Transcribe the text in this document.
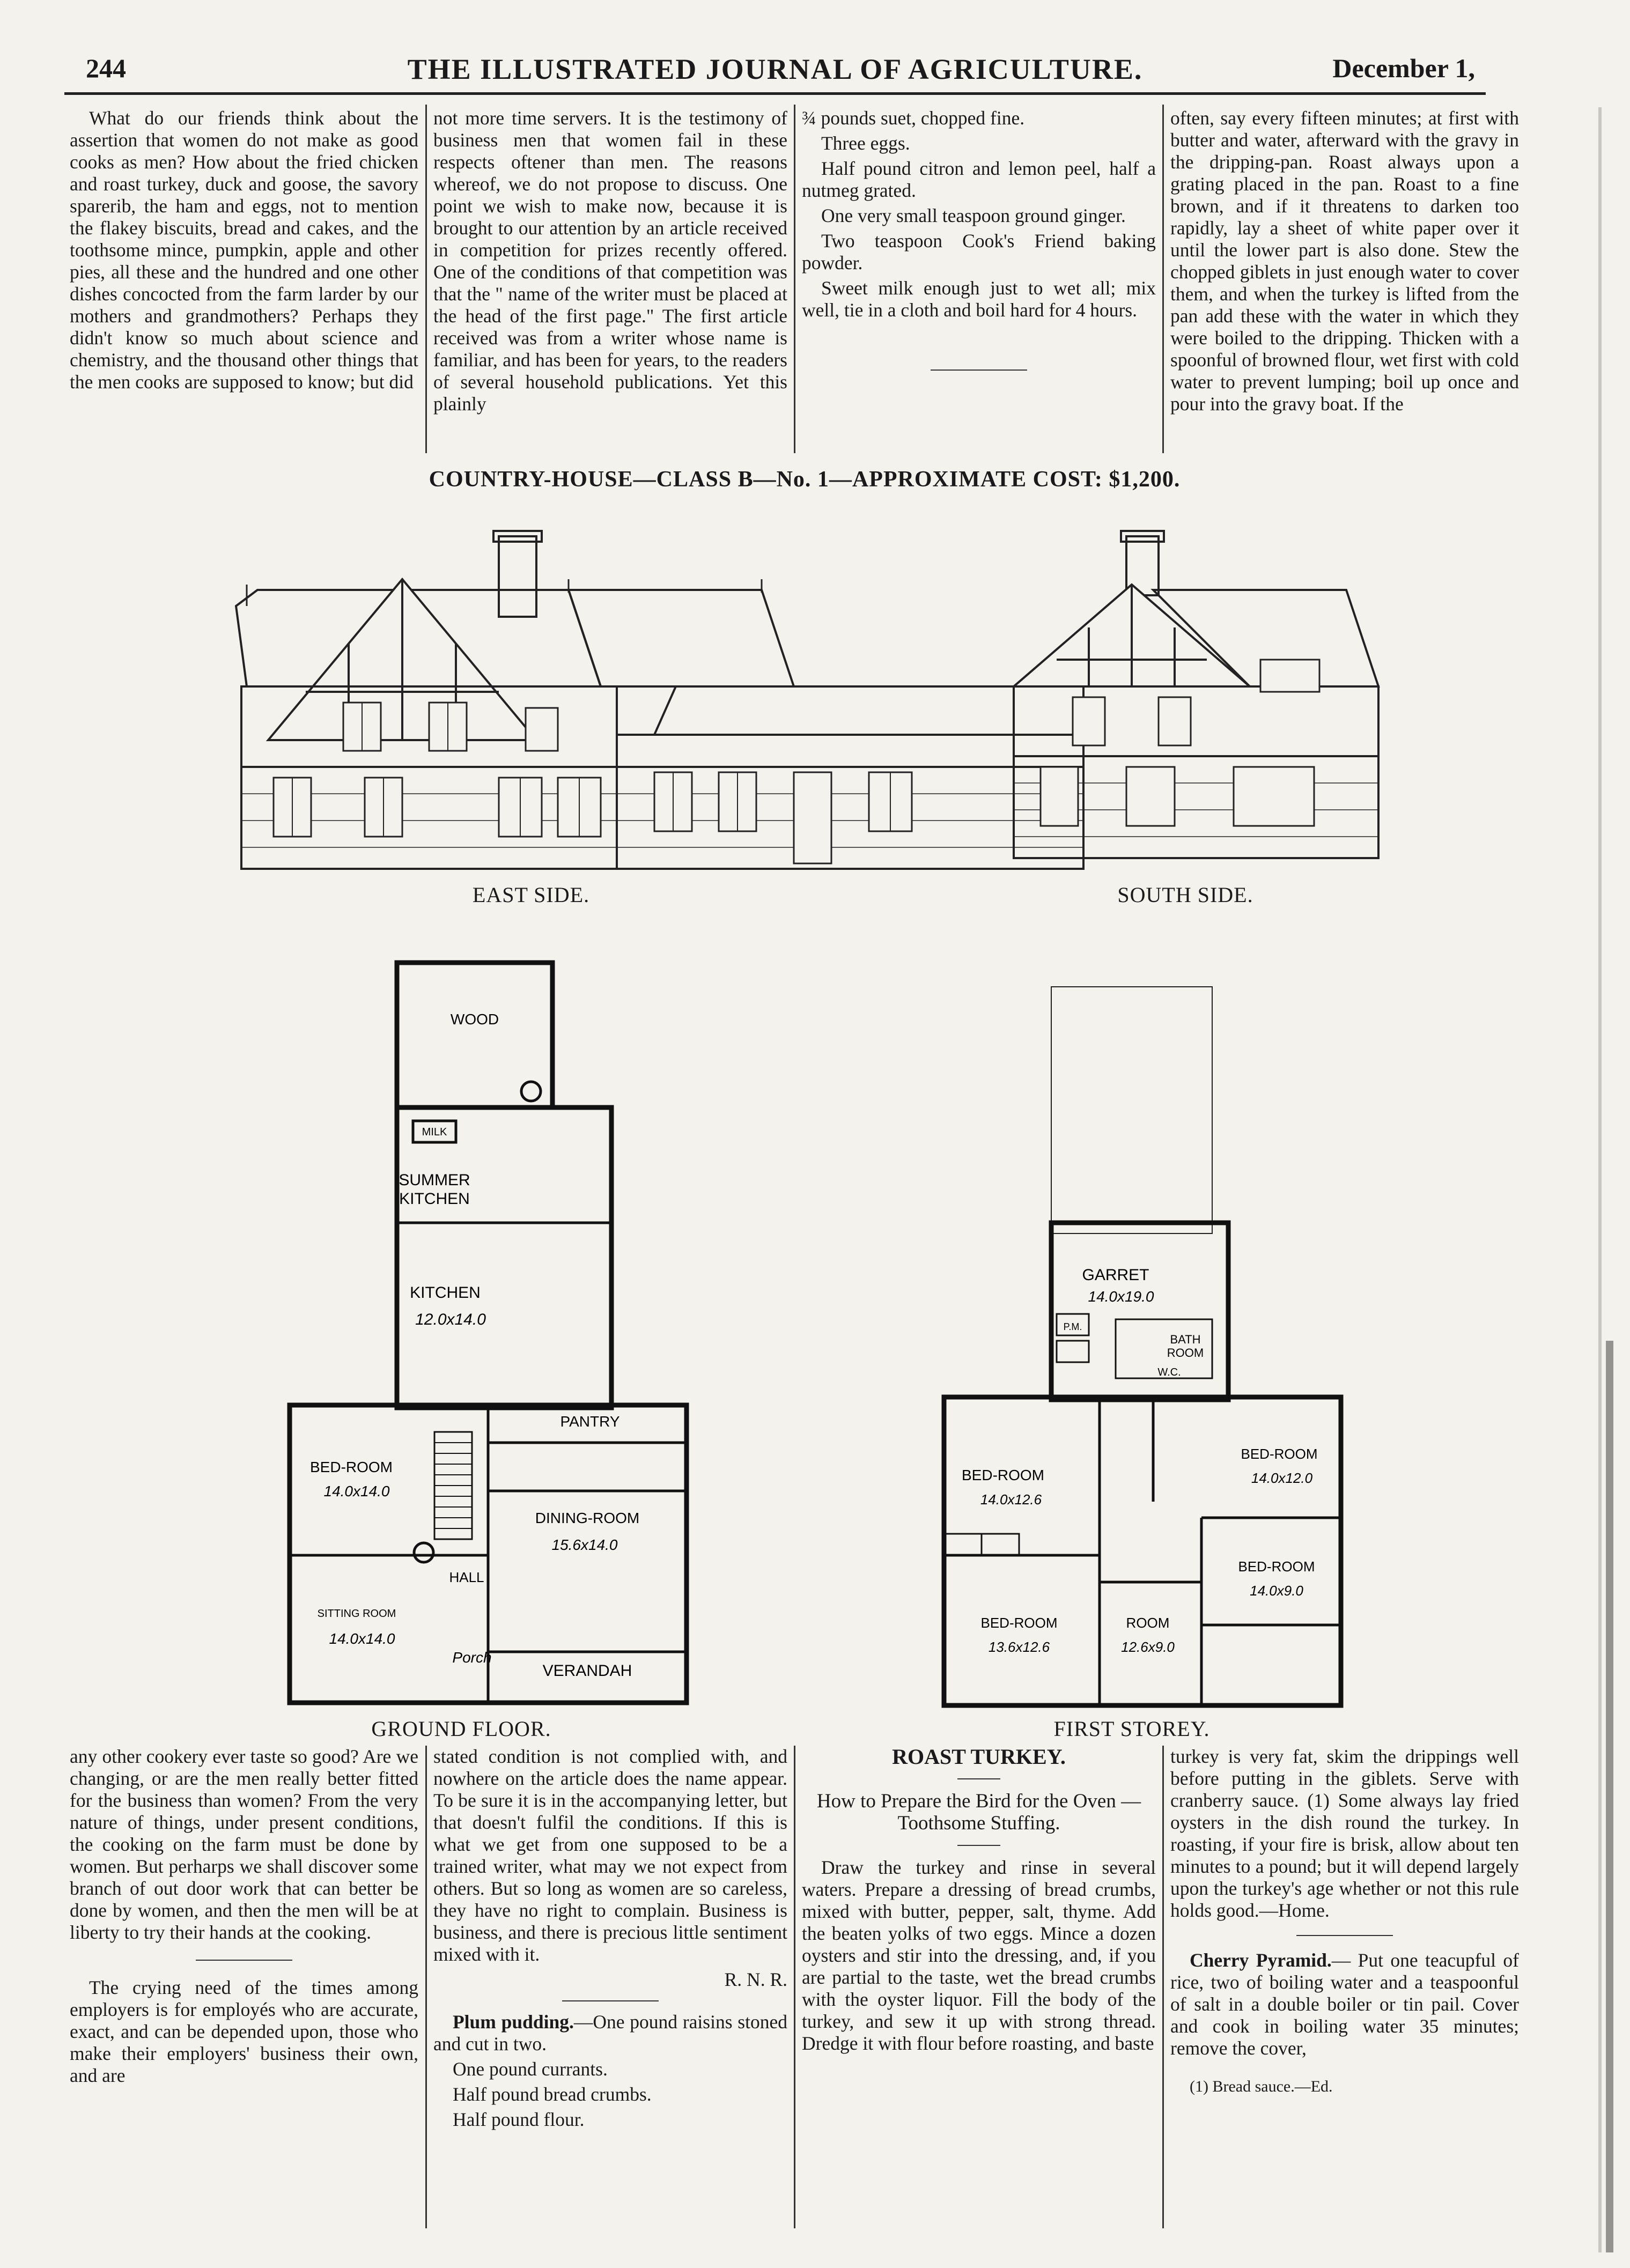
244	THE ILLUSTRATED JOURNAL OF AGRICULTURE.	December 1,

What do our friends think about the assertion that women do not make as good cooks as men? How about the fried chicken and roast turkey, duck and goose, the savory sparerib, the ham and eggs, not to mention the flakey biscuits, bread and cakes, and the toothsome mince, pumpkin, apple and other pies, all these and the hundred and one other dishes concocted from the farm larder by our mothers and grandmothers? Perhaps they didn't know so much about science and chemistry, and the thousand other things that the men cooks are supposed to know; but did

not more time servers. It is the testimony of business men that women fail in these respects oftener than men. The reasons whereof, we do not propose to discuss. One point we wish to make now, because it is brought to our attention by an article received in competition for prizes recently offered. One of the conditions of that competition was that the " name of the writer must be placed at the head of the first page." The first article received was from a writer whose name is familiar, and has been for years, to the readers of several household publications. Yet this plainly

¾ pounds suet, chopped fine.

Three eggs.

Half pound citron and lemon peel, half a nutmeg grated.

One very small teaspoon ground ginger.

Two teaspoon Cook's Friend baking powder.

Sweet milk enough just to wet all; mix well, tie in a cloth and boil hard for 4 hours.

often, say every fifteen minutes; at first with butter and water, afterward with the gravy in the dripping-pan. Roast always upon a grating placed in the pan. Roast to a fine brown, and if it threatens to darken too rapidly, lay a sheet of white paper over it until the lower part is also done. Stew the chopped giblets in just enough water to cover them, and when the turkey is lifted from the pan add these with the water in which they were boiled to the dripping. Thicken with a spoonful of browned flour, wet first with cold water to prevent lumping; boil up once and pour into the gravy boat. If the

COUNTRY-HOUSE—CLASS B—No. 1—APPROXIMATE COST: $1,200.
EAST SIDE.	SOUTH SIDE.
WOOD
MILK
SUMMER
KITCHEN
KITCHEN
12.0x14.0
PANTRY
BED-ROOM
14.0x14.0
DINING-ROOM
15.6x14.0
HALL
SITTING ROOM
14.0x14.0
Porch
VERANDAH
GARRET
14.0x19.0
P.M.
BATH
ROOM
W.C.
BED-ROOM
14.0x12.6
BED-ROOM
14.0x12.0
BED-ROOM
14.0x9.0
BED-ROOM
13.6x12.6
ROOM
12.6x9.0
GROUND FLOOR.	FIRST STOREY.

any other cookery ever taste so good? Are we changing, or are the men really better fitted for the business than women? From the very nature of things, under present conditions, the cooking on the farm must be done by women. But perharps we shall discover some branch of out door work that can better be done by women, and then the men will be at liberty to try their hands at the cooking.

The crying need of the times among employers is for employés who are accurate, exact, and can be depended upon, those who make their employers' business their own, and are

stated condition is not complied with, and nowhere on the article does the name appear. To be sure it is in the accompanying letter, but that doesn't fulfil the conditions. If this is what we get from one supposed to be a trained writer, what may we not expect from others. But so long as women are so careless, they have no right to complain. Business is business, and there is precious little sentiment mixed with it.

R. N. R.

Plum pudding.—One pound raisins stoned and cut in two.

One pound currants.

Half pound bread crumbs.

Half pound flour.

ROAST TURKEY.

How to Prepare the Bird for the Oven —Toothsome Stuffing.

Draw the turkey and rinse in several waters. Prepare a dressing of bread crumbs, mixed with butter, pepper, salt, thyme. Add the beaten yolks of two eggs. Mince a dozen oysters and stir into the dressing, and, if you are partial to the taste, wet the bread crumbs with the oyster liquor. Fill the body of the turkey, and sew it up with strong thread. Dredge it with flour before roasting, and baste

turkey is very fat, skim the drippings well before putting in the giblets. Serve with cranberry sauce. (1) Some always lay fried oysters in the dish round the turkey. In roasting, if your fire is brisk, allow about ten minutes to a pound; but it will depend largely upon the turkey's age whether or not this rule holds good.—Home.

Cherry Pyramid.— Put one teacupful of rice, two of boiling water and a teaspoonful of salt in a double boiler or tin pail. Cover and cook in boiling water 35 minutes; remove the cover,

(1) Bread sauce.—Ed.
